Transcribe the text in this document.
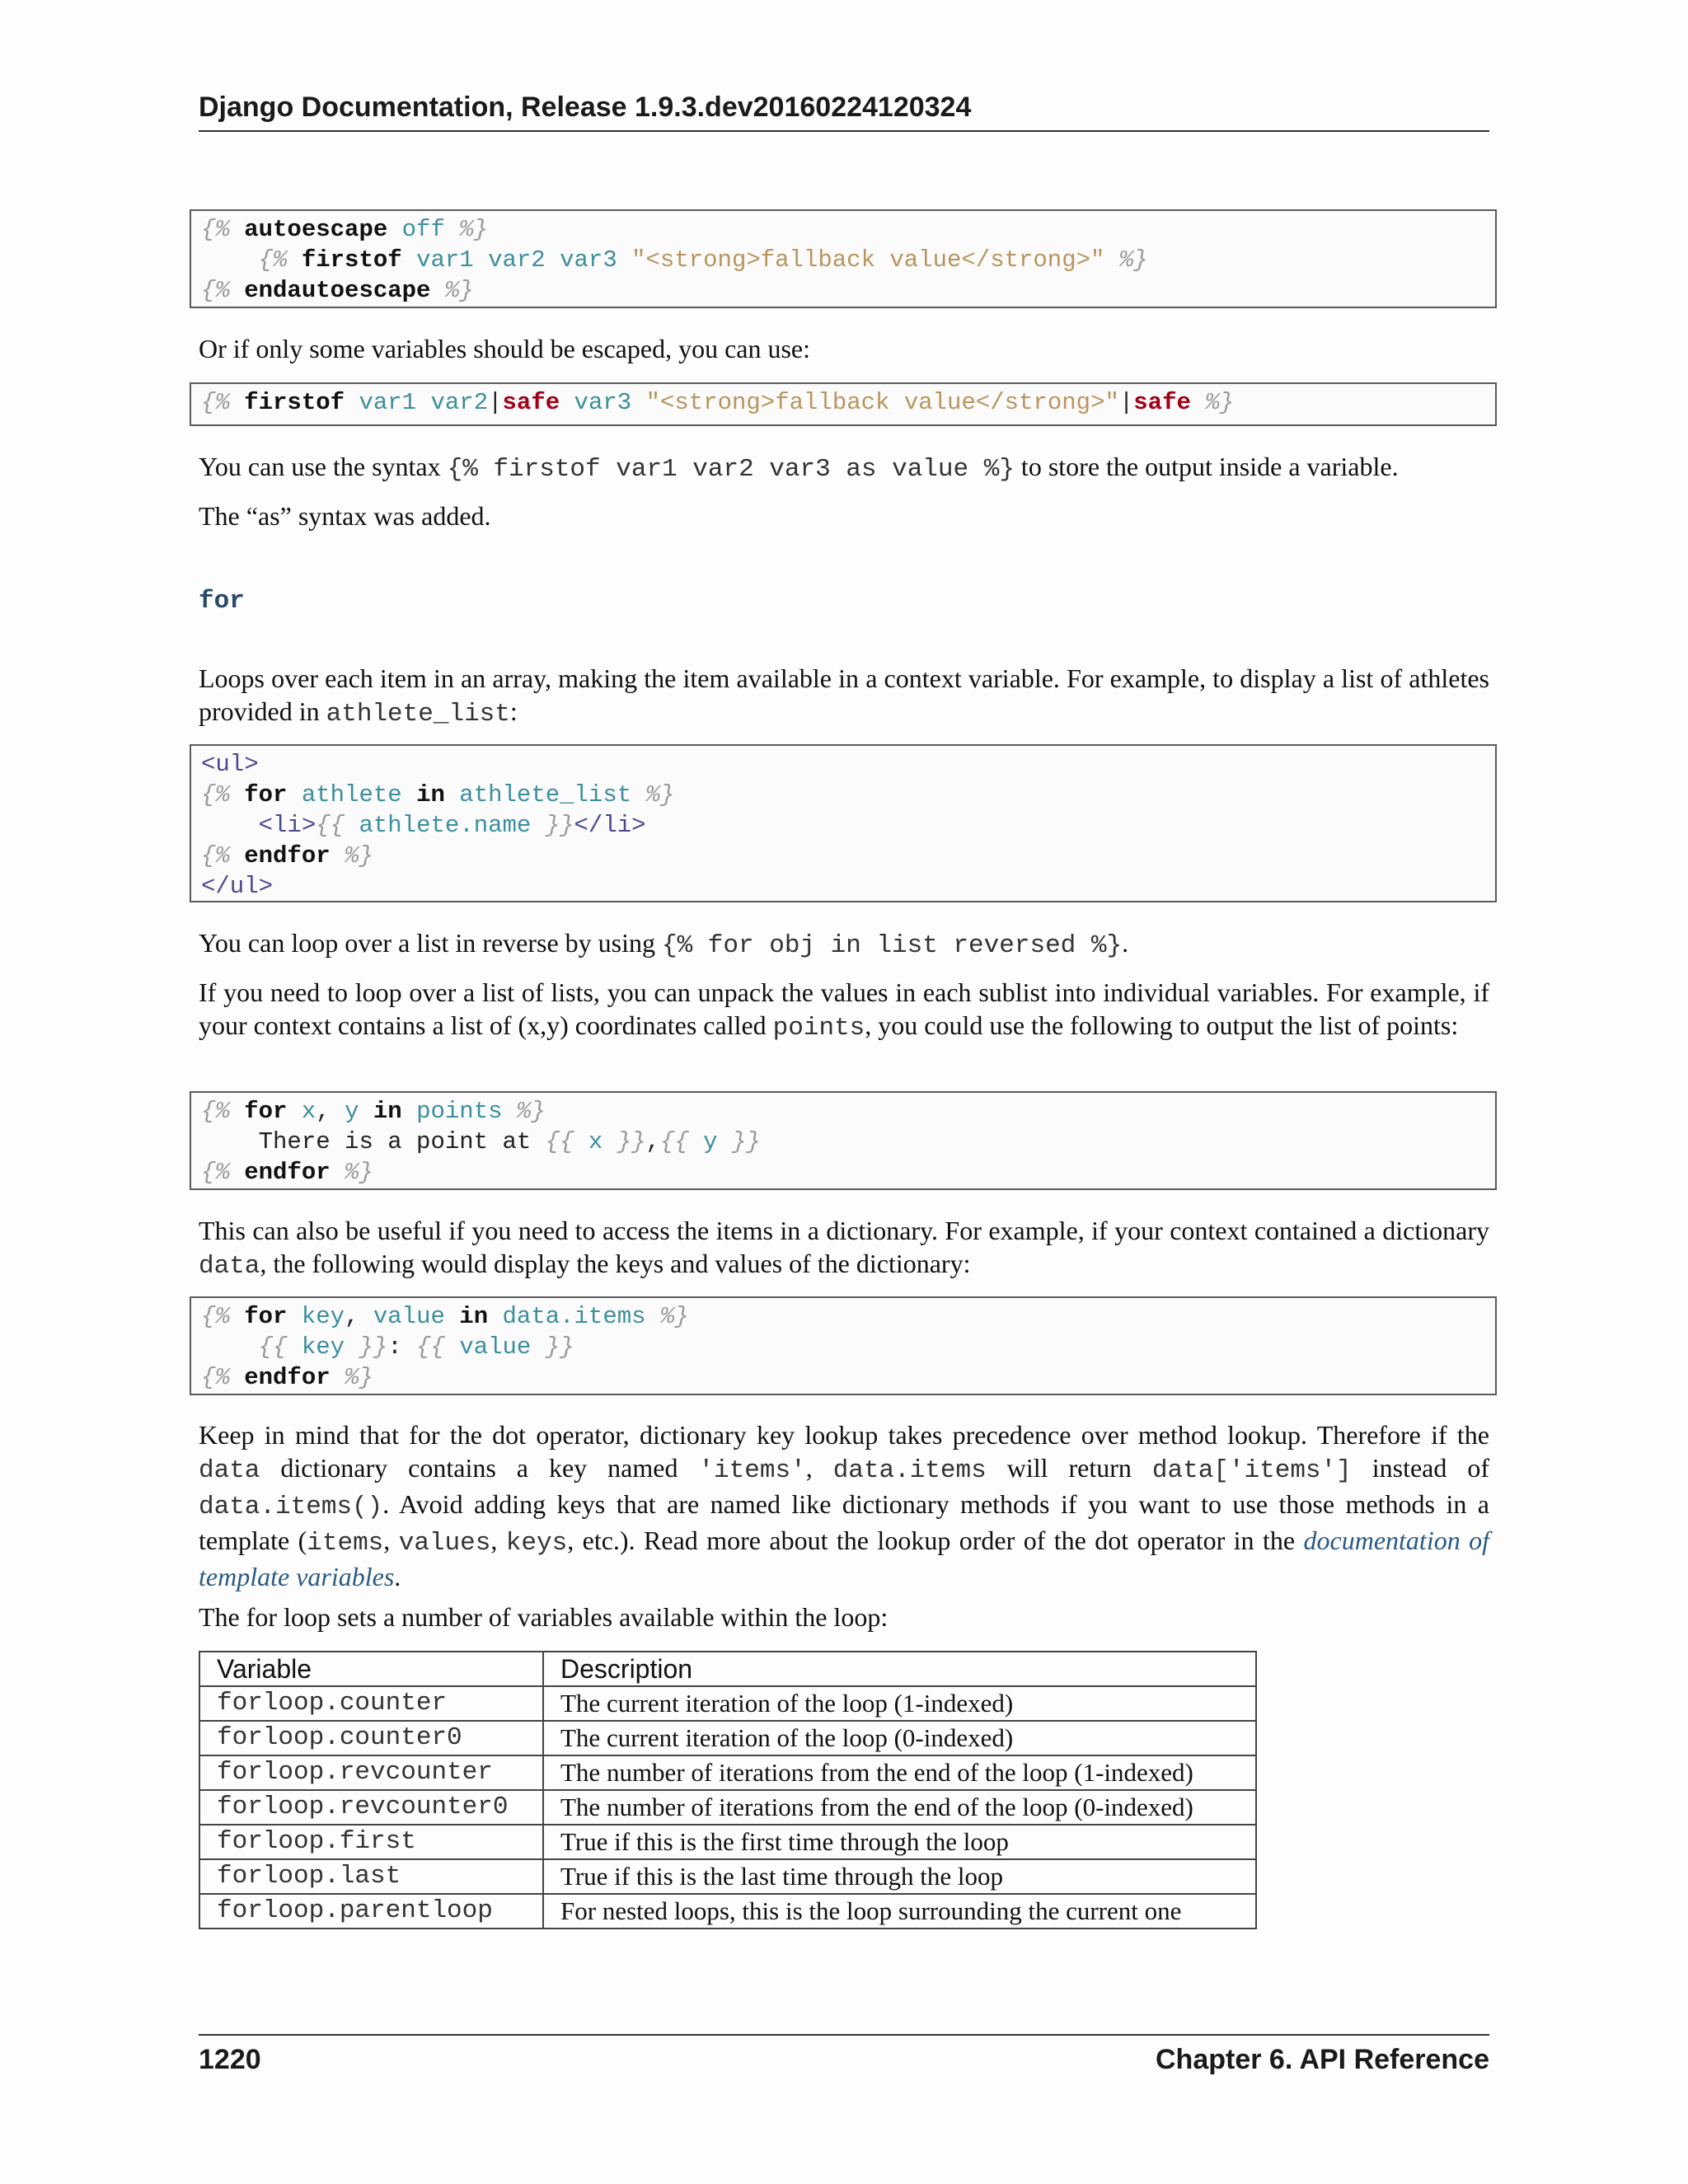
Django Documentation, Release 1.9.3.dev20160224120324
{% autoescape off %}
{% firstof var1 var2 var3 "<strong>fallback value</strong>" %}
{% endautoescape %}
Or if only some variables should be escaped, you can use:
{% firstof var1 var2|safe var3 "<strong>fallback value</strong>"|safe %}
You can use the syntax {% firstof var1 var2 var3 as value %} to store the output inside a variable.
The “as” syntax was added.
for
Loops over each item in an array, making the item available in a context variable. For example, to display a list of athletes provided in athlete_list:
<ul>
{% for athlete in athlete_list %}
<li>{{ athlete.name }}</li>
{% endfor %}
</ul>
You can loop over a list in reverse by using {% for obj in list reversed %}.
If you need to loop over a list of lists, you can unpack the values in each sublist into individual variables. For example, if your context contains a list of (x,y) coordinates called points, you could use the following to output the list of points:
{% for x, y in points %}
There is a point at {{ x }},{{ y }}
{% endfor %}
This can also be useful if you need to access the items in a dictionary. For example, if your context contained a dictionary data, the following would display the keys and values of the dictionary:
{% for key, value in data.items %}
{{ key }}: {{ value }}
{% endfor %}
Keep in mind that for the dot operator, dictionary key lookup takes precedence over method lookup. Therefore if the data dictionary contains a key named 'items', data.items will return data['items'] instead of data.items(). Avoid adding keys that are named like dictionary methods if you want to use those methods in a template (items, values, keys, etc.). Read more about the lookup order of the dot operator in the documentation of template variables.
The for loop sets a number of variables available within the loop:
Variable	Description
forloop.counter	The current iteration of the loop (1-indexed)
forloop.counter0	The current iteration of the loop (0-indexed)
forloop.revcounter	The number of iterations from the end of the loop (1-indexed)
forloop.revcounter0	The number of iterations from the end of the loop (0-indexed)
forloop.first	True if this is the first time through the loop
forloop.last	True if this is the last time through the loop
forloop.parentloop	For nested loops, this is the loop surrounding the current one
1220	Chapter 6. API Reference
